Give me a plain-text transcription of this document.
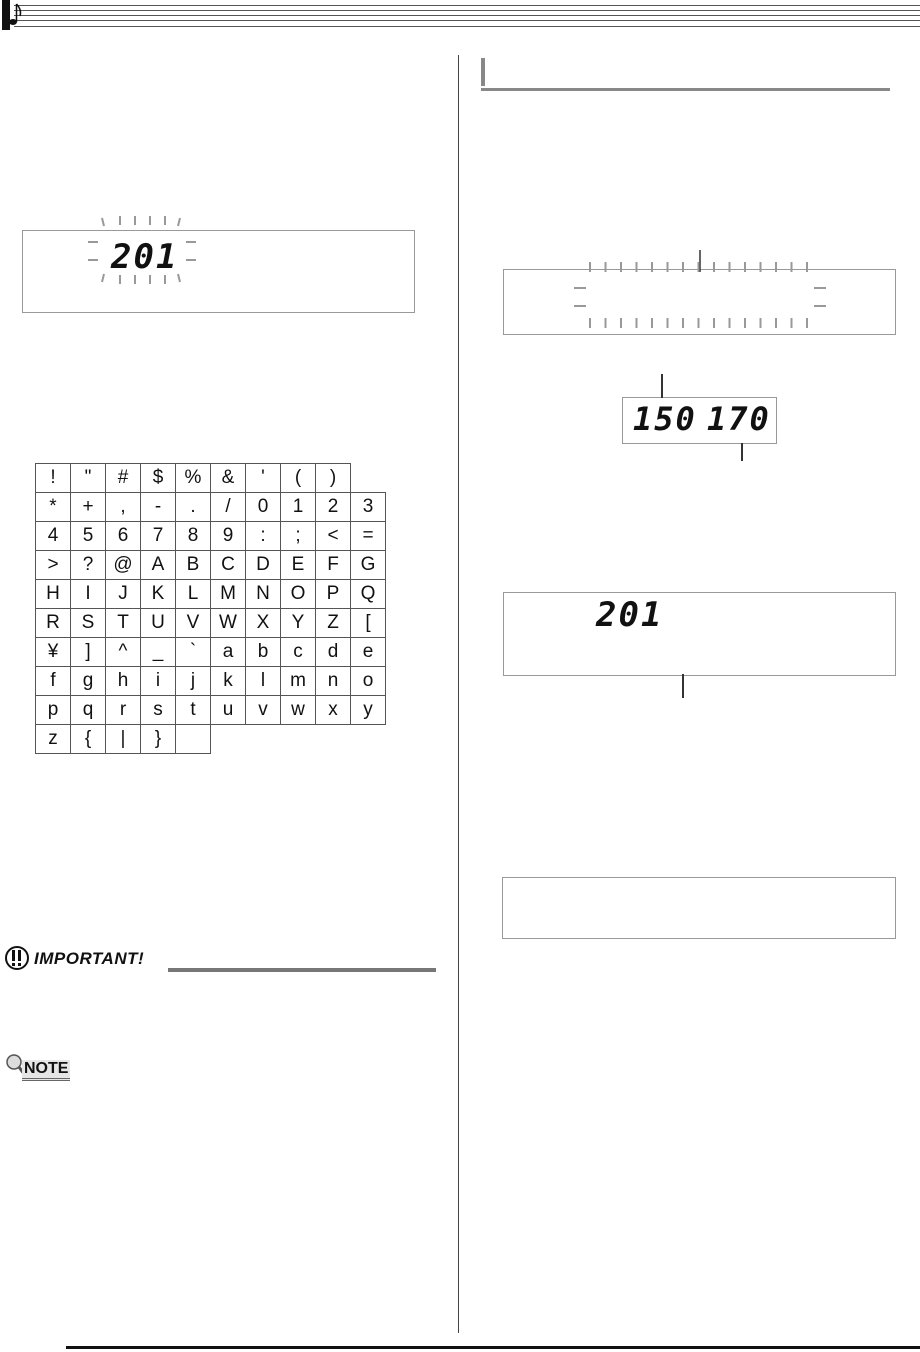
201
!	"	#	$	%	&	'	(	)	
*	+	,	-	.	/	0	1	2	3
4	5	6	7	8	9	:	;	<	=
>	?	@	A	B	C	D	E	F	G
H	I	J	K	L	M	N	O	P	Q
R	S	T	U	V	W	X	Y	Z	[
¥	]	^	_	`	a	b	c	d	e
f	g	h	i	j	k	l	m	n	o
p	q	r	s	t	u	v	w	x	y
z	{	|	}						
IMPORTANT!
NOTE
150 170
201
